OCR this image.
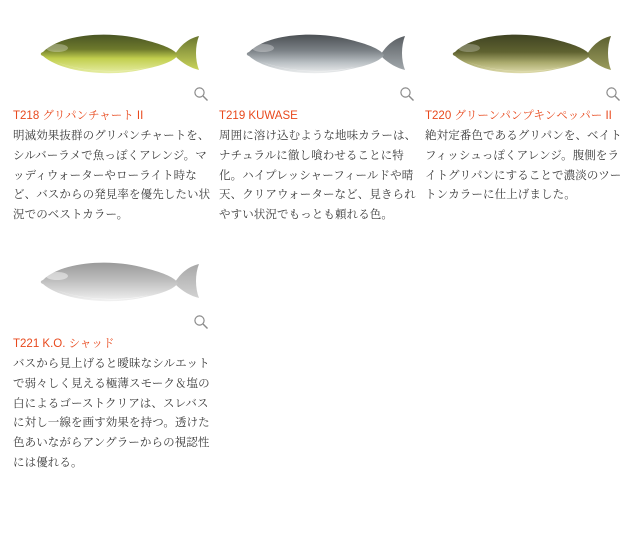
T218 グリパンチャート II

明滅効果抜群のグリパンチャートを、シルバーラメで魚っぽくアレンジ。マッディウォーターやローライト時など、バスからの発見率を優先したい状況でのベストカラー。

T219 KUWASE

周囲に溶け込むような地味カラーは、ナチュラルに徹し喰わせることに特化。ハイプレッシャーフィールドや晴天、クリアウォーターなど、見きられやすい状況でもっとも頼れる色。

T220 グリーンパンプキンペッパー II

絶対定番色であるグリパンを、ベイトフィッシュっぽくアレンジ。腹側をライトグリパンにすることで濃淡のツートンカラーに仕上げました。

T221 K.O. シャッド

バスから見上げると曖昧なシルエットで弱々しく見える極薄スモーク＆塩の白によるゴーストクリアは、スレバスに対し一線を画す効果を持つ。透けた色あいながらアングラーからの視認性には優れる。
